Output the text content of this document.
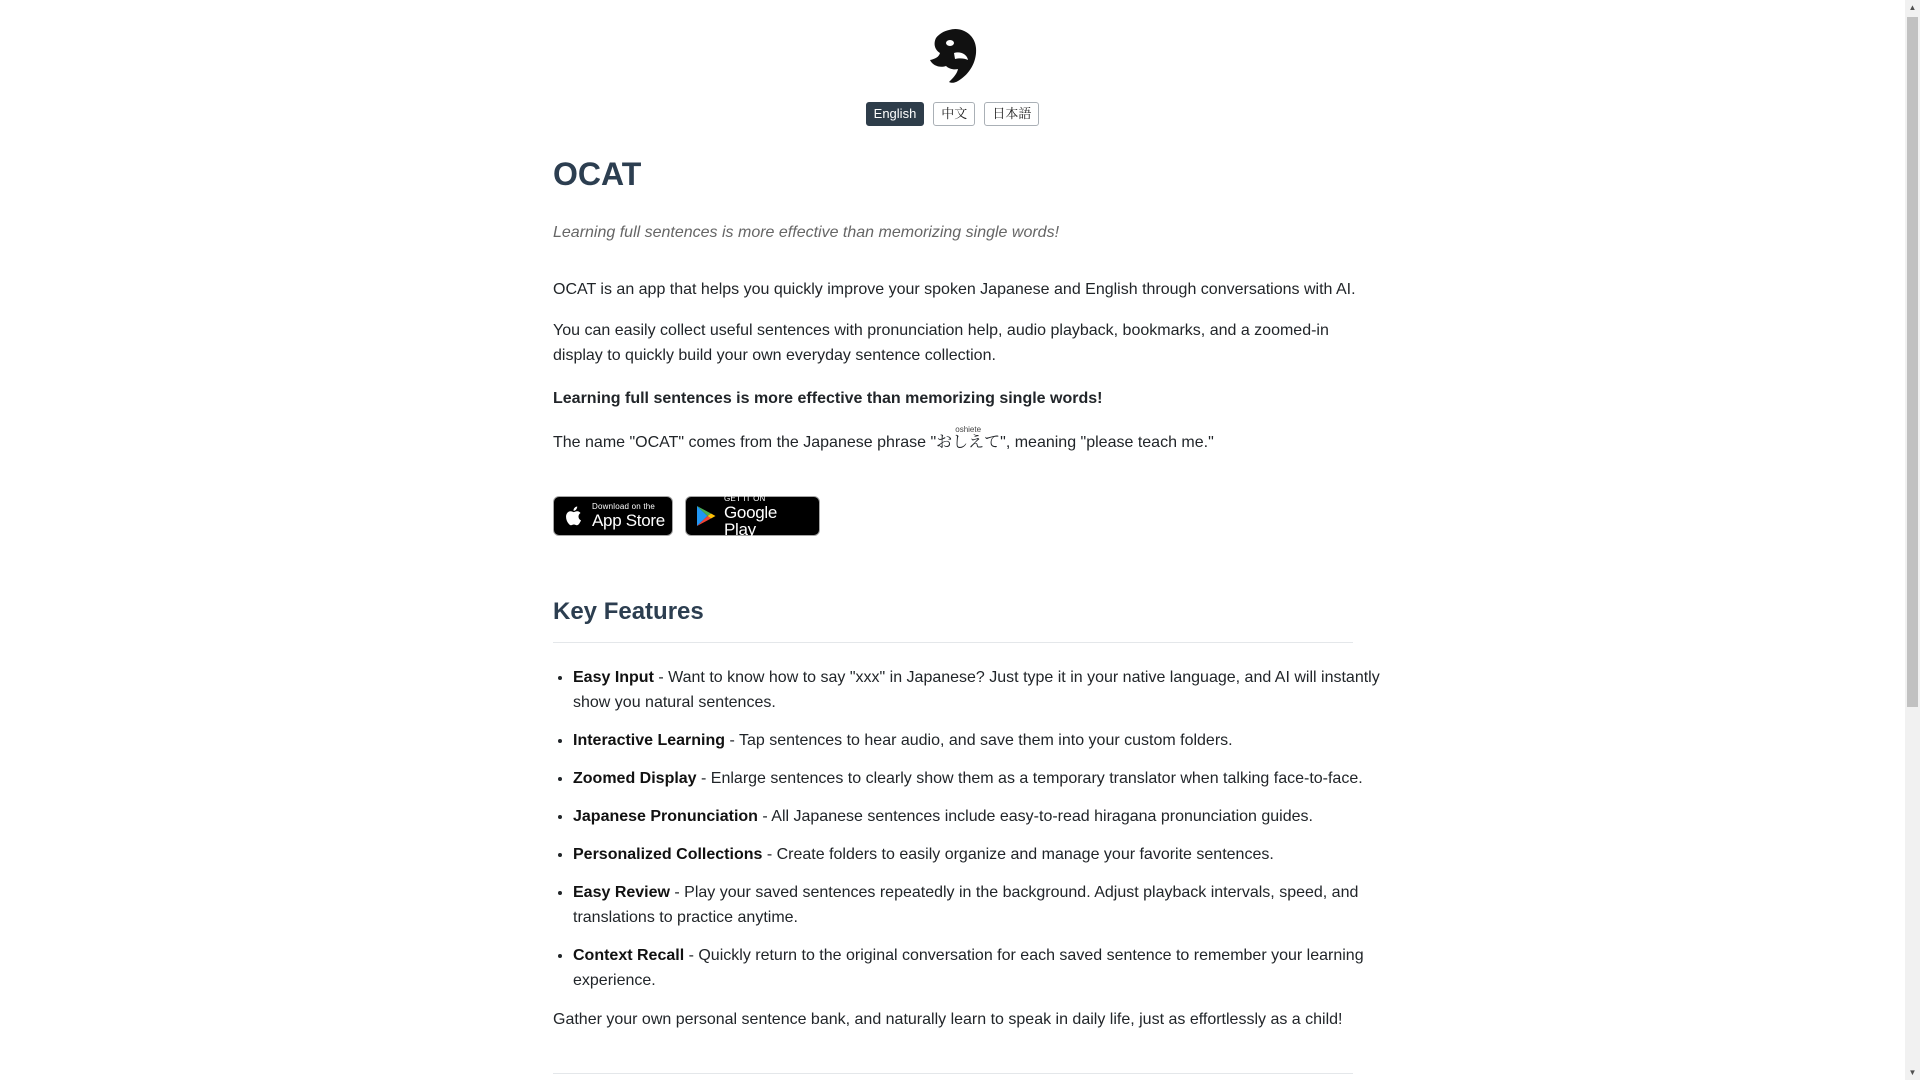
English	中文	日本語
OCAT

Learning full sentences is more effective than memorizing single words!

OCAT is an app that helps you quickly improve your spoken Japanese and English through conversations with AI.

You can easily collect useful sentences with pronunciation help, audio playback, bookmarks, and a zoomed-in display to quickly build your own everyday sentence collection.

Learning full sentences is more effective than memorizing single words!

The name "OCAT" comes from the Japanese phrase "おしえてoshiete", meaning "please teach me."

Download on the
App Store
GET IT ON
Google Play
Key Features
• Easy Input - Want to know how to say "xxx" in Japanese? Just type it in your native language, and AI will instantly show you natural sentences.
• Interactive Learning - Tap sentences to hear audio, and save them into your custom folders.
• Zoomed Display - Enlarge sentences to clearly show them as a temporary translator when talking face-to-face.
• Japanese Pronunciation - All Japanese sentences include easy-to-read hiragana pronunciation guides.
• Personalized Collections - Create folders to easily organize and manage your favorite sentences.
• Easy Review - Play your saved sentences repeatedly in the background. Adjust playback intervals, speed, and translations to practice anytime.
• Context Recall - Quickly return to the original conversation for each saved sentence to remember your learning experience.

Gather your own personal sentence bank, and naturally learn to speak in daily life, just as effortlessly as a child!

▲
▼
